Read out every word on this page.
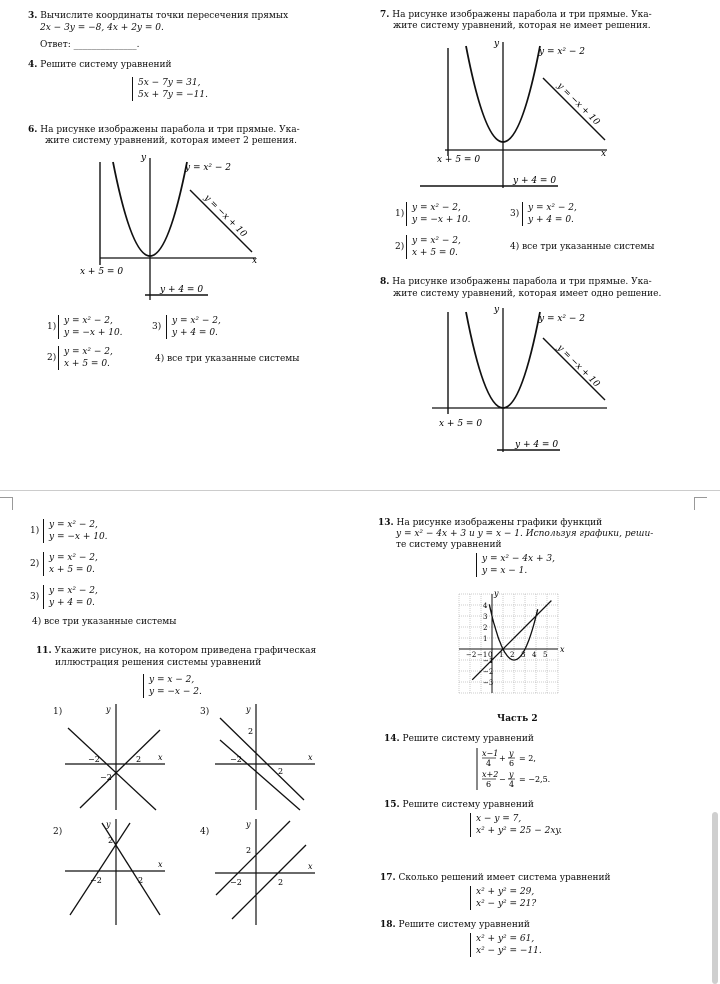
3. Вычислите координаты точки пересечения прямых
2x − 3y = −8, 4x + 2y = 0.
Ответ: ______________.
4. Решите систему уравнений
5x − 7y = 31,
5x + 7y = −11.
6. На рисунке изображены парабола и три прямые. Ука-
жите систему уравнений, которая имеет 2 решения.
y = x² − 2
x + 5 = 0
y + 4 = 0
y = −x + 10
x
y
1)
y = x² − 2,
y = −x + 10.
3)
y = x² − 2,
y + 4 = 0.
2)
y = x² − 2,
x + 5 = 0.	4) все три указанные системы
7. На рисунке изображены парабола и три прямые. Ука-
жите систему уравнений, которая не имеет решения.
y = x² − 2
x + 5 = 0
y + 4 = 0
y = −x + 10
x
y
1)
y = x² − 2,
y = −x + 10.
3)
y = x² − 2,
y + 4 = 0.
2)
y = x² − 2,
x + 5 = 0.
4) все три указанные системы
8. На рисунке изображены парабола и три прямые. Ука-
жите систему уравнений, которая имеет одно решение.
y = x² − 2
x + 5 = 0
y + 4 = 0
y = −x + 10
y
1)
y = x² − 2,
y = −x + 10.
2)
y = x² − 2,
x + 5 = 0.
3)
y = x² − 2,
y + 4 = 0.
4) все три указанные системы
11. Укажите рисунок, на котором приведена графическая
иллюстрация решения системы уравнений
y = x − 2,
y = −x − 2.
1)
−2	2
−2
x
y	3)
2
−2
2
x
y
2)
−2	2
2
x
y
4)
2
−2	2
x
y
13. На рисунке изображены графики функций
y = x² − 4x + 3 и y = x − 1. Используя графики, реши-
те систему уравнений
y = x² − 4x + 3,
y = x − 1.
−2 −1 0 1 2 3 4 5
4
3
2
1
−1
−2
−3
x
y
Часть 2
14. Решите систему уравнений
x−1
4
+
y
6
= 2,
x+2
6
−
y
4
= −2,5.
15. Решите систему уравнений
x − y = 7,
x² + y² = 25 − 2xy.
17. Сколько решений имеет система уравнений
x² + y² = 29,
x² − y² = 21?
18. Решите систему уравнений
x² + y² = 61,
x² − y² = −11.
